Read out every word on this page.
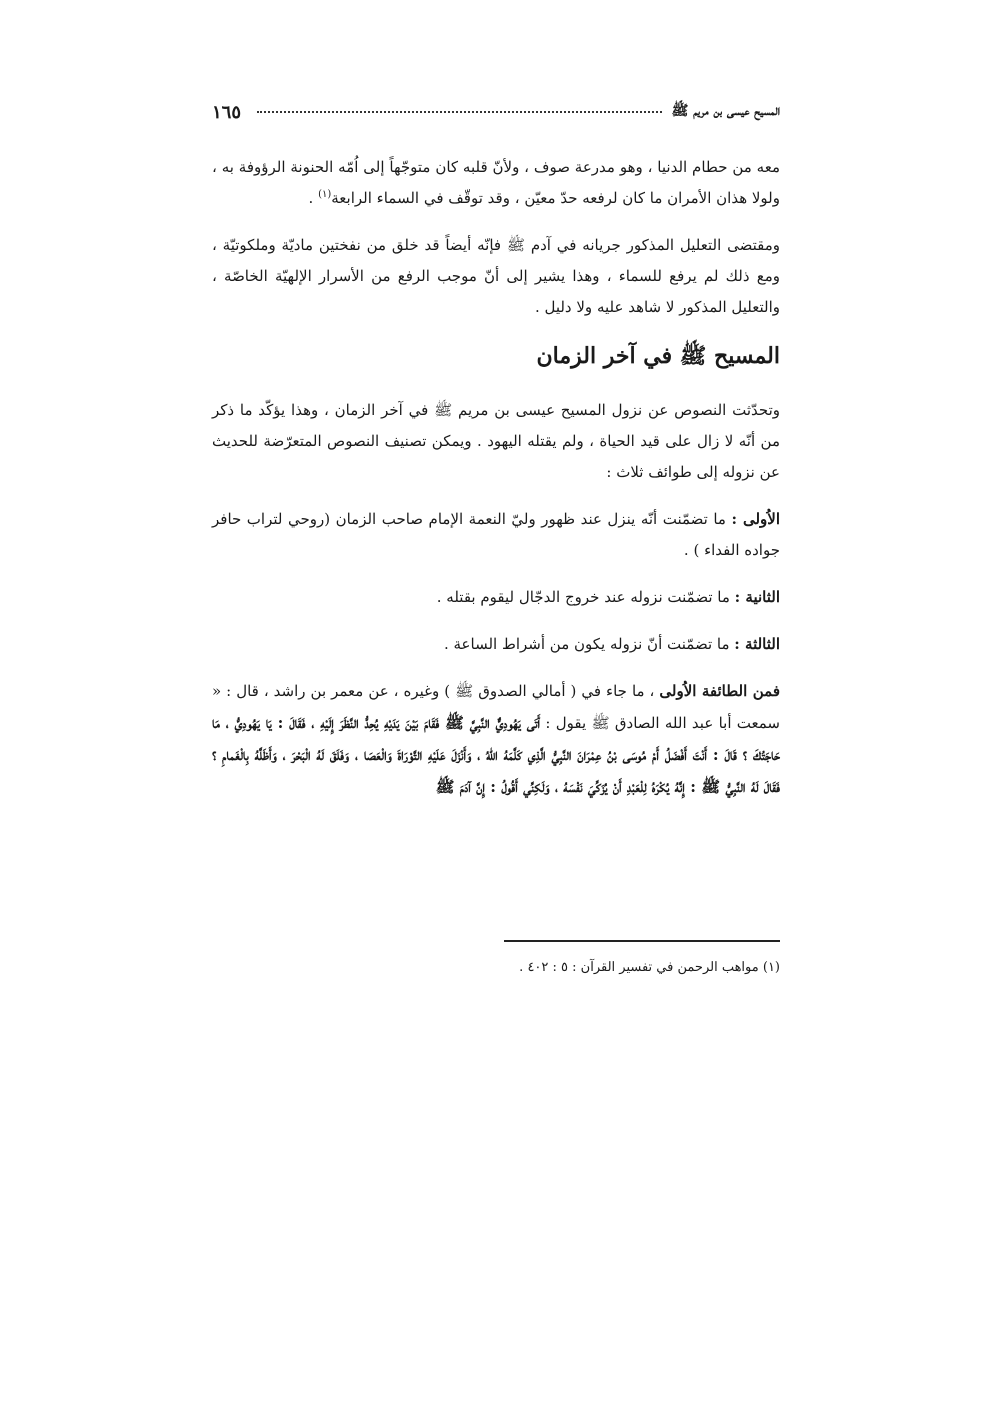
المسيح عيسى بن مريم ﷺ
١٦٥

معه من حطام الدنيا ، وهو مدرعة صوف ، ولأنّ قلبه كان متوجّهاً إلى اُمّه الحنونة الرؤوفة به ، ولولا هذان الأمران ما كان لرفعه حدّ معيّن ، وقد توقّف في السماء الرابعة$^{(١)}$ .

ومقتضى التعليل المذكور جريانه في آدم ﷺ فإنّه أيضاً قد خلق من نفختين ماديّة وملكوتيّة ، ومع ذلك لم يرفع للسماء ، وهذا يشير إلى أنّ موجب الرفع من الأسرار الإلهيّة الخاصّة ، والتعليل المذكور لا شاهد عليه ولا دليل .

المسيح ﷺ في آخر الزمان

وتحدّثت النصوص عن نزول المسيح عيسى بن مريم ﷺ في آخر الزمان ، وهذا يؤكّد ما ذكر من أنّه لا زال على قيد الحياة ، ولم يقتله اليهود . ويمكن تصنيف النصوص المتعرّضة للحديث عن نزوله إلى طوائف ثلاث :

الاُولى : ما تضمّنت أنّه ينزل عند ظهور وليّ النعمة الإمام صاحب الزمان (روحي لتراب حافر جواده الفداء ) .

الثانية : ما تضمّنت نزوله عند خروج الدجّال ليقوم بقتله .

الثالثة : ما تضمّنت أنّ نزوله يكون من أشراط الساعة .

فمن الطائفة الاُولى ، ما جاء في ( أمالي الصدوق ﷺ ) وغيره ، عن معمر بن راشد ، قال : « سمعت أبا عبد الله الصادق ﷺ يقول : أَتَى يَهُودِيٌّ النَّبِيَّ ﷺ فَقَامَ بَيْنَ يَدَيْهِ يُحِدُّ النَّظَرَ إِلَيْهِ ، فَقَالَ : يَا يَهُودِيُّ ، مَا حَاجَتُكَ ؟ قَالَ : أَنْتَ أَفْضَلُ أَمْ مُوسَى بْنُ عِمْرَانَ النَّبِيُّ الَّذِي كَلَّمَهُ اللهُ ، وَأَنْزَلَ عَلَيْهِ التَّوْرَاةَ وَالْعَصَا ، وَفَلَقَ لَهُ الْبَحْرَ ، وَأَظَلَّهُ بِالْغَمامِ ؟ فَقَالَ لَهُ النَّبِيُّ ﷺ : إِنَّهُ يُكْرَهُ لِلْعَبْدِ أَنْ يُزَكِّيَ نَفْسَهُ ، وَلَكِنِّي أَقُولُ : إِنَّ آدَمَ ﷺ

(١) مواهب الرحمن في تفسير القرآن : ٥ : ٤٠٢ .
